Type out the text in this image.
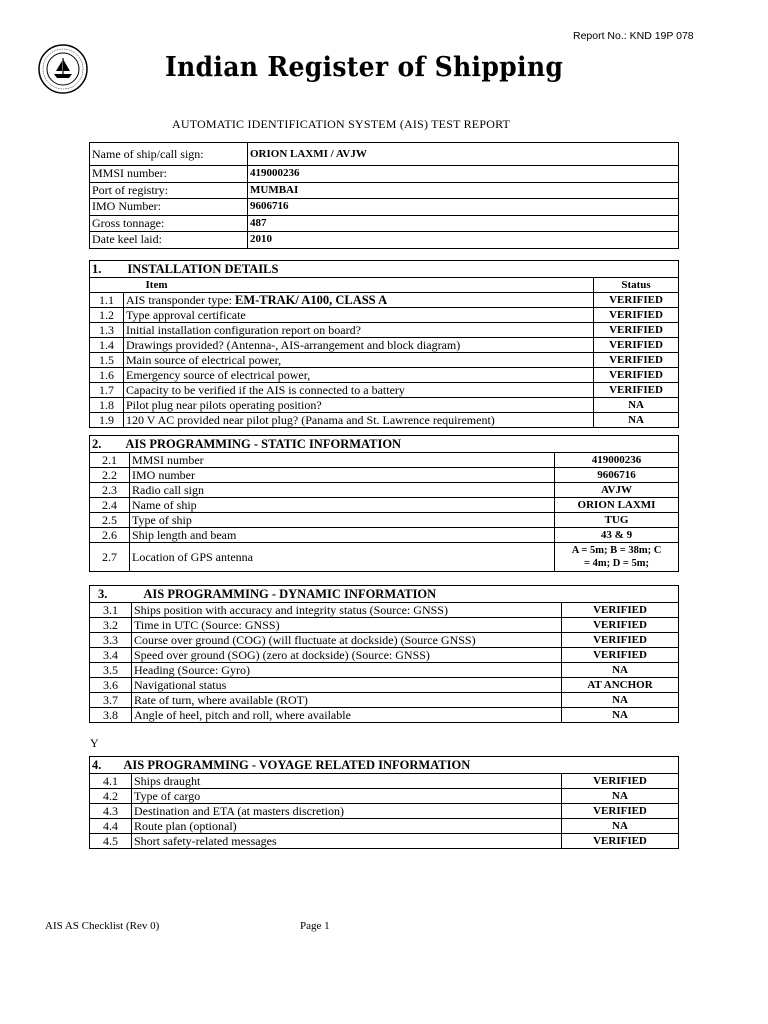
Report No.: KND 19P 078
Indian Register of Shipping
AUTOMATIC IDENTIFICATION SYSTEM (AIS) TEST REPORT
Name of ship/call sign:	ORION LAXMI / AVJW
MMSI number:	419000236
Port of registry:	MUMBAI
IMO Number:	9606716
Gross tonnage:	487
Date keel laid:	2010
1. INSTALLATION DETAILS		
	Item	Status
1.1	AIS transponder type: EM-TRAK/ A100, CLASS A	VERIFIED
1.2	Type approval certificate	VERIFIED
1.3	Initial installation configuration report on board?	VERIFIED
1.4	Drawings provided? (Antenna-, AIS-arrangement and block diagram)	VERIFIED
1.5	Main source of electrical power,	VERIFIED
1.6	Emergency source of electrical power,	VERIFIED
1.7	Capacity to be verified if the AIS is connected to a battery	VERIFIED
1.8	Pilot plug near pilots operating position?	NA
1.9	120 V AC provided near pilot plug? (Panama and St. Lawrence requirement)	NA
2. AIS PROGRAMMING - STATIC INFORMATION		
2.1	MMSI number	419000236
2.2	IMO number	9606716
2.3	Radio call sign	AVJW
2.4	Name of ship	ORION LAXMI
2.5	Type of ship	TUG
2.6	Ship length and beam	43 & 9
2.7	Location of GPS antenna	A = 5m; B = 38m; C
= 4m; D = 5m;
3. AIS PROGRAMMING - DYNAMIC INFORMATION		
3.1	Ships position with accuracy and integrity status (Source: GNSS)	VERIFIED
3.2	Time in UTC (Source: GNSS)	VERIFIED
3.3	Course over ground (COG) (will fluctuate at dockside) (Source GNSS)	VERIFIED
3.4	Speed over ground (SOG) (zero at dockside) (Source: GNSS)	VERIFIED
3.5	Heading (Source: Gyro)	NA
3.6	Navigational status	AT ANCHOR
3.7	Rate of turn, where available (ROT)	NA
3.8	Angle of heel, pitch and roll, where available	NA
Y
4. AIS PROGRAMMING - VOYAGE RELATED INFORMATION		
4.1	Ships draught	VERIFIED
4.2	Type of cargo	NA
4.3	Destination and ETA (at masters discretion)	VERIFIED
4.4	Route plan (optional)	NA
4.5	Short safety-related messages	VERIFIED
AIS AS Checklist (Rev 0)	Page 1
